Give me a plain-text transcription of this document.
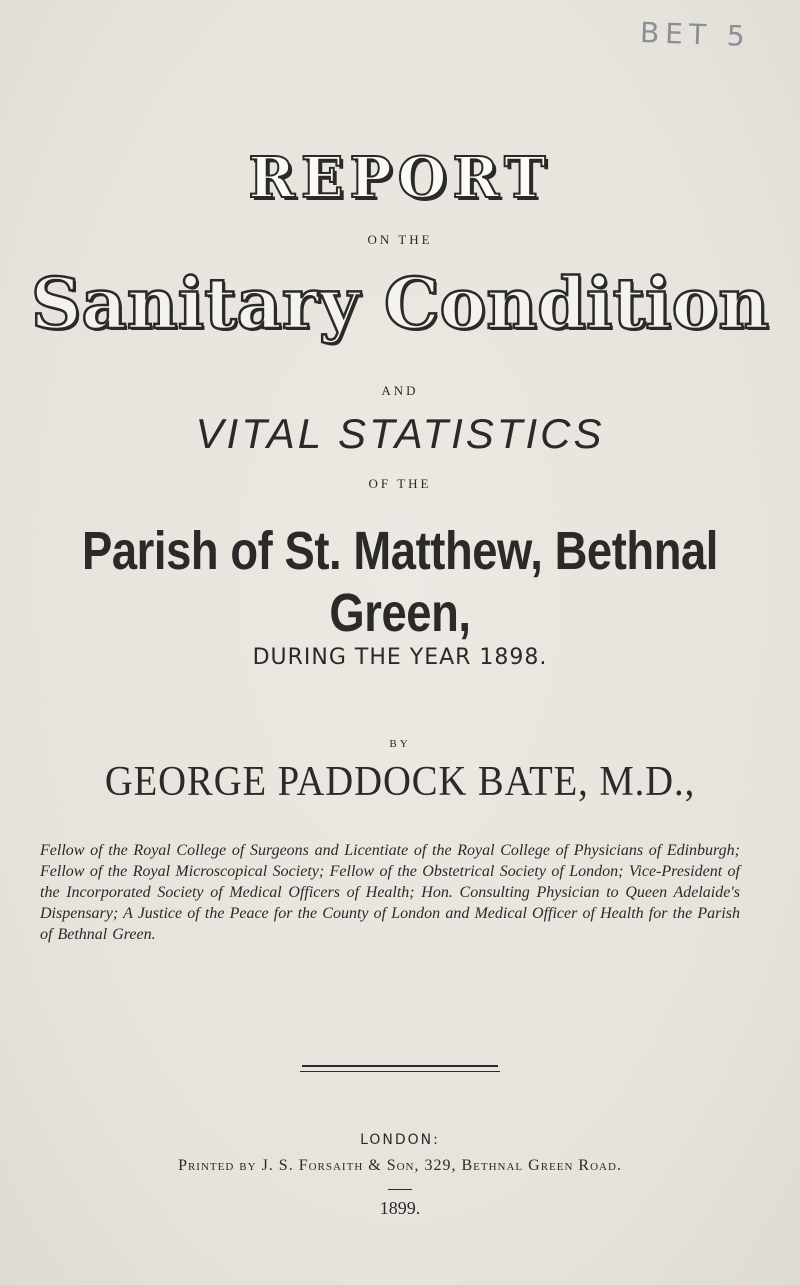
BET 5
REPORT
ON THE
Sanitary Condition
AND
VITAL STATISTICS
OF THE
Parish of St. Matthew, Bethnal Green,
DURING THE YEAR 1898.
BY
GEORGE PADDOCK BATE, M.D.,
Fellow of the Royal College of Surgeons and Licentiate of the Royal College of Physicians of Edinburgh; Fellow of the Royal Microscopical Society; Fellow of the Obstetrical Society of London; Vice-President of the Incorporated Society of Medical Officers of Health; Hon. Consulting Physician to Queen Adelaide's Dispensary; A Justice of the Peace for the County of London and Medical Officer of Health for the Parish of Bethnal Green.
LONDON:
Printed by J. S. Forsaith & Son, 329, Bethnal Green Road.
1899.
